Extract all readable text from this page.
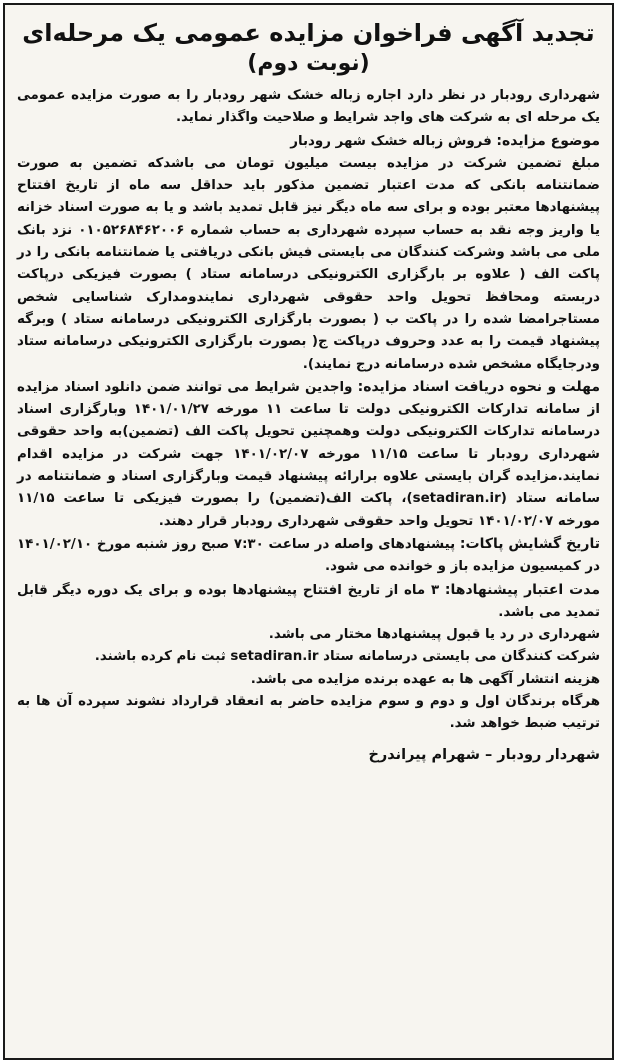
تجدید آگهی فراخوان مزایده عمومی یک مرحله‌ای
(نوبت دوم)

شهرداری رودبار در نظر دارد اجاره زباله خشک شهر رودبار را به صورت مزایده عمومی یک مرحله ای به شرکت های واجد شرایط و صلاحیت واگذار نماید.

موضوع مزایده: فروش زباله خشک شهر رودبار

مبلغ تضمین شرکت در مزایده بیست میلیون تومان می باشدکه تضمین به صورت ضمانتنامه بانکی که مدت اعتبار تضمین مذکور باید حداقل سه ماه از تاریخ افتتاح پیشنهادها معتبر بوده و برای سه ماه دیگر نیز قابل تمدید باشد و یا به صورت اسناد خزانه یا واریز وجه نقد به حساب سپرده شهرداری به حساب شماره ۰۱۰۵۲۶۸۴۶۲۰۰۶ نزد بانک ملی می باشد وشرکت کنندگان می بایستی فیش بانکی دریافتی یا ضمانتنامه بانکی را در پاکت الف ( علاوه بر بارگزاری الکترونیکی درسامانه ستاد ) بصورت فیزیکی درپاکت دربسته ومحافظ تحویل واحد حقوقی شهرداری نمایندومدارک شناسایی شخص مستاجرامضا شده را در پاکت ب ( بصورت بارگزاری الکترونیکی درسامانه ستاد ) وبرگه پیشنهاد قیمت را به عدد وحروف درپاکت ج( بصورت بارگزاری الکترونیکی درسامانه ستاد ودرجایگاه مشخص شده درسامانه درج نمایند).

مهلت و نحوه دریافت اسناد مزایده: واجدین شرایط می توانند ضمن دانلود اسناد مزایده از سامانه تدارکات الکترونیکی دولت تا ساعت ۱۱ مورخه ۱۴۰۱/۰۱/۲۷ وبارگزاری اسناد درسامانه تدارکات الکترونیکی دولت وهمچنین تحویل پاکت الف (تضمین)به واحد حقوقی شهرداری رودبار تا ساعت ۱۱/۱۵ مورخه ۱۴۰۱/۰۲/۰۷ جهت شرکت در مزایده اقدام نمایند.مزایده گران بایستی علاوه برارائه پیشنهاد قیمت وبارگزاری اسناد و ضمانتنامه در سامانه ستاد (setadiran.ir)، پاکت الف(تضمین) را بصورت فیزیکی تا ساعت ۱۱/۱۵ مورخه ۱۴۰۱/۰۲/۰۷ تحویل واحد حقوقی شهرداری رودبار قرار دهند.

تاریخ گشایش پاکات: پیشنهادهای واصله در ساعت ۷:۳۰ صبح روز شنبه مورخ ۱۴۰۱/۰۲/۱۰ در کمیسیون مزایده باز و خوانده می شود.

مدت اعتبار پیشنهادها: ۳ ماه از تاریخ افتتاح پیشنهادها بوده و برای یک دوره دیگر قابل تمدید می باشد.

شهرداری در رد یا قبول پیشنهادها مختار می باشد.

شرکت کنندگان می بایستی درسامانه ستاد setadiran.ir ثبت نام کرده باشند.

هزینه انتشار آگهی ها به عهده برنده مزایده می باشد.

هرگاه برندگان اول و دوم و سوم مزایده حاضر به انعقاد قرارداد نشوند سپرده آن ها به ترتیب ضبط خواهد شد.

شهردار رودبار – شهرام پیراندرخ
